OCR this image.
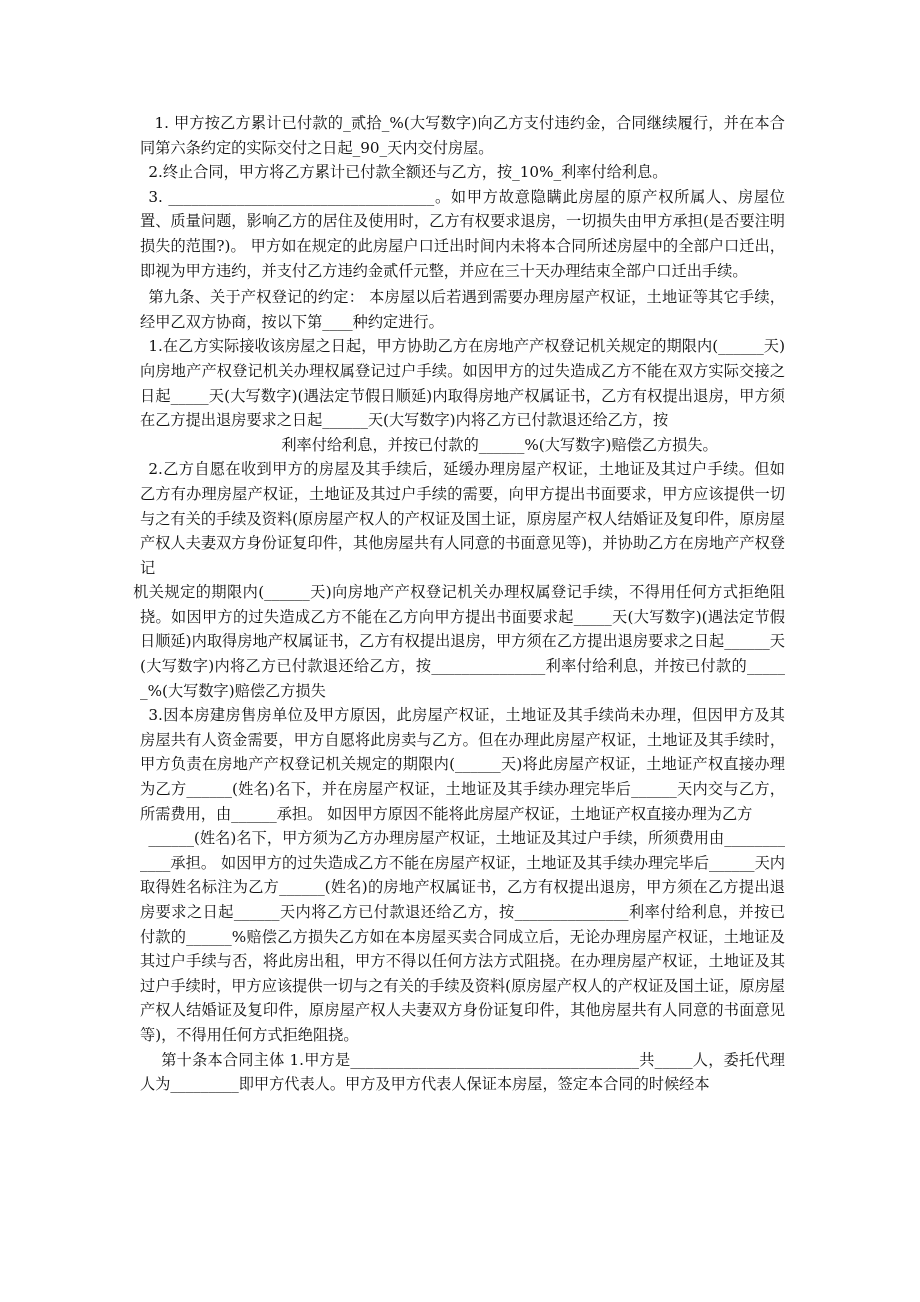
1. 甲方按乙方累计已付款的_贰拾_%(大写数字)向乙方支付违约金，合同继续履行，并在本合同第六条约定的实际交付之日起_90_天内交付房屋。

2.终止合同，甲方将乙方累计已付款全额还与乙方，按_10%_利率付给利息。

3. ___________________________________。如甲方故意隐瞒此房屋的原产权所属人、房屋位置、质量问题，影响乙方的居住及使用时，乙方有权要求退房，一切损失由甲方承担(是否要注明损失的范围?)。 甲方如在规定的此房屋户口迁出时间内未将本合同所述房屋中的全部户口迁出，即视为甲方违约，并支付乙方违约金贰仟元整，并应在三十天办理结束全部户口迁出手续。

第九条、关于产权登记的约定： 本房屋以后若遇到需要办理房屋产权证，土地证等其它手续，经甲乙双方协商，按以下第____种约定进行。

1.在乙方实际接收该房屋之日起，甲方协助乙方在房地产产权登记机关规定的期限内(______天)向房地产产权登记机关办理权属登记过户手续。如因甲方的过失造成乙方不能在双方实际交接之日起_____天(大写数字)(遇法定节假日顺延)内取得房地产权属证书，乙方有权提出退房，甲方须在乙方提出退房要求之日起______天(大写数字)内将乙方已付款退还给乙方，按

利率付给利息，并按已付款的______%(大写数字)赔偿乙方损失。

2.乙方自愿在收到甲方的房屋及其手续后，延缓办理房屋产权证，土地证及其过户手续。但如乙方有办理房屋产权证，土地证及其过户手续的需要，向甲方提出书面要求，甲方应该提供一切与之有关的手续及资料(原房屋产权人的产权证及国土证，原房屋产权人结婚证及复印件，原房屋产权人夫妻双方身份证复印件，其他房屋共有人同意的书面意见等)，并协助乙方在房地产产权登记

机关规定的期限内(______天)向房地产产权登记机关办理权属登记手续，不得用任何方式拒绝阻挠。如因甲方的过失造成乙方不能在乙方向甲方提出书面要求起_____天(大写数字)(遇法定节假日顺延)内取得房地产权属证书，乙方有权提出退房，甲方须在乙方提出退房要求之日起______天(大写数字)内将乙方已付款退还给乙方，按_______________利率付给利息，并按已付款的______%(大写数字)赔偿乙方损失

3.因本房建房售房单位及甲方原因，此房屋产权证，土地证及其手续尚未办理，但因甲方及其房屋共有人资金需要，甲方自愿将此房卖与乙方。但在办理此房屋产权证，土地证及其手续时，甲方负责在房地产产权登记机关规定的期限内(______天)将此房屋产权证，土地证产权直接办理为乙方______(姓名)名下，并在房屋产权证，土地证及其手续办理完毕后______天内交与乙方，所需费用，由______承担。 如因甲方原因不能将此房屋产权证，土地证产权直接办理为乙方

______(姓名)名下，甲方须为乙方办理房屋产权证，土地证及其过户手续，所须费用由____________承担。 如因甲方的过失造成乙方不能在房屋产权证，土地证及其手续办理完毕后______天内取得姓名标注为乙方______(姓名)的房地产权属证书，乙方有权提出退房，甲方须在乙方提出退房要求之日起______天内将乙方已付款退还给乙方，按_______________利率付给利息，并按已付款的______%赔偿乙方损失乙方如在本房屋买卖合同成立后，无论办理房屋产权证，土地证及其过户手续与否，将此房出租，甲方不得以任何方法方式阻挠。在办理房屋产权证，土地证及其过户手续时，甲方应该提供一切与之有关的手续及资料(原房屋产权人的产权证及国土证，原房屋产权人结婚证及复印件，原房屋产权人夫妻双方身份证复印件，其他房屋共有人同意的书面意见等)，不得用任何方式拒绝阻挠。

第十条本合同主体 1.甲方是______________________________________共_____人，委托代理人为_________即甲方代表人。甲方及甲方代表人保证本房屋，签定本合同的时候经本
